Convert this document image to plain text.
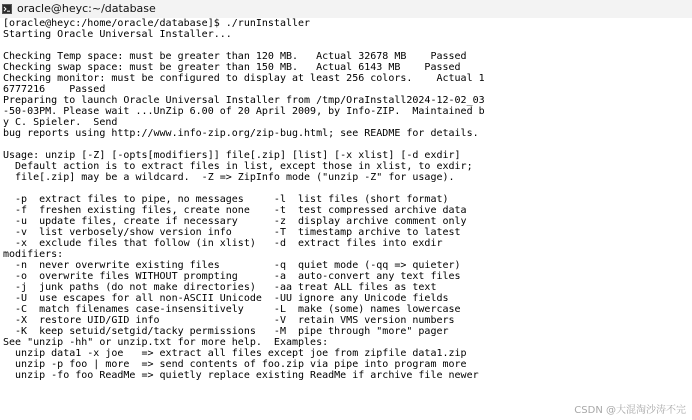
oracle@heyc:~/database
[oracle@heyc:/home/oracle/database]$ ./runInstaller
Starting Oracle Universal Installer...
Checking Temp space: must be greater than 120 MB.   Actual 32678 MB    Passed
Checking swap space: must be greater than 150 MB.   Actual 6143 MB    Passed
Checking monitor: must be configured to display at least 256 colors.    Actual 1
6777216    Passed
Preparing to launch Oracle Universal Installer from /tmp/OraInstall2024-12-02_03
-50-03PM. Please wait ...UnZip 6.00 of 20 April 2009, by Info-ZIP.  Maintained b
y C. Spieler.  Send
bug reports using http://www.info-zip.org/zip-bug.html; see README for details.
Usage: unzip [-Z] [-opts[modifiers]] file[.zip] [list] [-x xlist] [-d exdir]
Default action is to extract files in list, except those in xlist, to exdir;
file[.zip] may be a wildcard.  -Z => ZipInfo mode ("unzip -Z" for usage).
-p  extract files to pipe, no messages     -l  list files (short format)
-f  freshen existing files, create none    -t  test compressed archive data
-u  update files, create if necessary      -z  display archive comment only
-v  list verbosely/show version info       -T  timestamp archive to latest
-x  exclude files that follow (in xlist)   -d  extract files into exdir
modifiers:
-n  never overwrite existing files         -q  quiet mode (-qq => quieter)
-o  overwrite files WITHOUT prompting      -a  auto-convert any text files
-j  junk paths (do not make directories)   -aa treat ALL files as text
-U  use escapes for all non-ASCII Unicode  -UU ignore any Unicode fields
-C  match filenames case-insensitively     -L  make (some) names lowercase
-X  restore UID/GID info                   -V  retain VMS version numbers
-K  keep setuid/setgid/tacky permissions   -M  pipe through "more" pager
See "unzip -hh" or unzip.txt for more help.  Examples:
unzip data1 -x joe   => extract all files except joe from zipfile data1.zip
unzip -p foo | more  => send contents of foo.zip via pipe into program more
unzip -fo foo ReadMe => quietly replace existing ReadMe if archive file newer
CSDN @大混淘沙涛不完
